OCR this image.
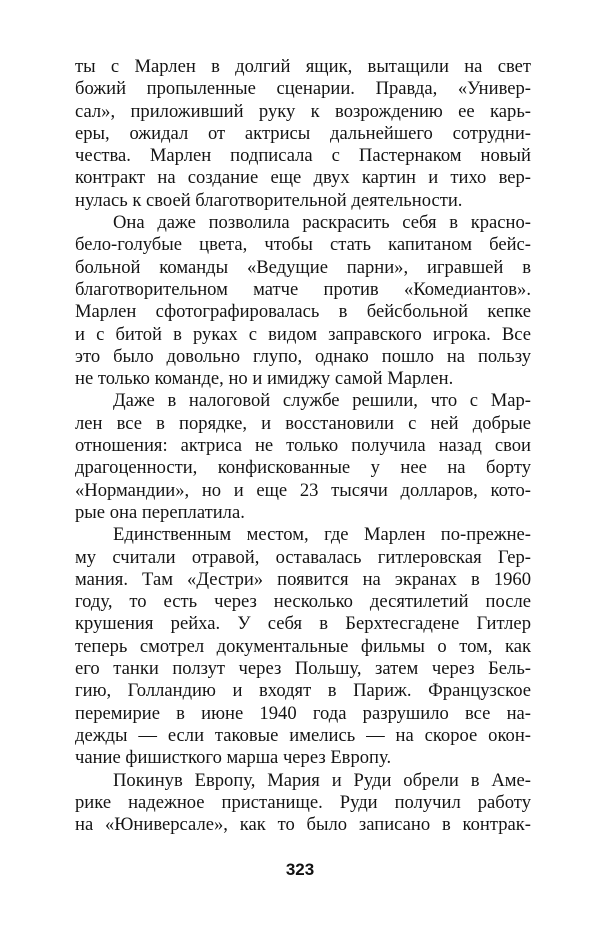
ты с Марлен в долгий ящик, вытащили на свет
божий пропыленные сценарии. Правда, «Универ-
сал», приложивший руку к возрождению ее карь-
еры, ожидал от актрисы дальнейшего сотрудни-
чества. Марлен подписала с Пастернаком новый
контракт на создание еще двух картин и тихо вер-
нулась к своей благотворительной деятельности.
Она даже позволила раскрасить себя в красно-
бело-голубые цвета, чтобы стать капитаном бейс-
больной команды «Ведущие парни», игравшей в
благотворительном матче против «Комедиантов».
Марлен сфотографировалась в бейсбольной кепке
и с битой в руках с видом заправского игрока. Все
это было довольно глупо, однако пошло на пользу
не только команде, но и имиджу самой Марлен.
Даже в налоговой службе решили, что с Мар-
лен все в порядке, и восстановили с ней добрые
отношения: актриса не только получила назад свои
драгоценности, конфискованные у нее на борту
«Нормандии», но и еще 23 тысячи долларов, кото-
рые она переплатила.
Единственным местом, где Марлен по-прежне-
му считали отравой, оставалась гитлеровская Гер-
мания. Там «Дестри» появится на экранах в 1960
году, то есть через несколько десятилетий после
крушения рейха. У себя в Берхтесгадене Гитлер
теперь смотрел документальные фильмы о том, как
его танки ползут через Польшу, затем через Бель-
гию, Голландию и входят в Париж. Французское
перемирие в июне 1940 года разрушило все на-
дежды — если таковые имелись — на скорое окон-
чание фишисткого марша через Европу.
Покинув Европу, Мария и Руди обрели в Аме-
рике надежное пристанище. Руди получил работу
на «Юниверсале», как то было записано в контрак-
323
